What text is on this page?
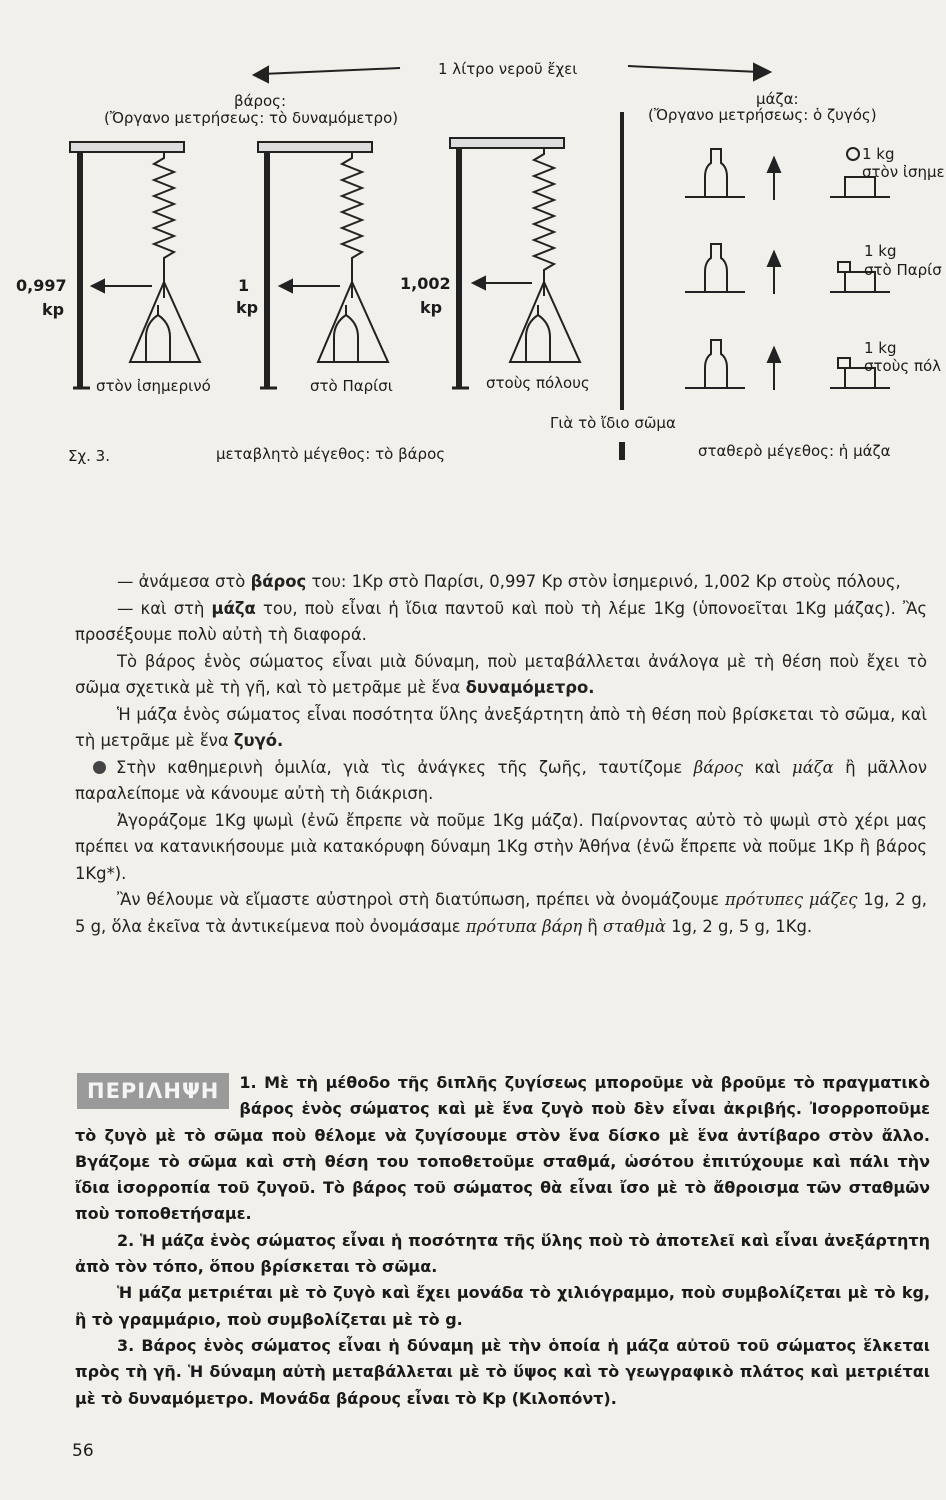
1 λίτρο νεροῦ ἔχει
βάρος:
(Ὄργανο μετρήσεως: τὸ δυναμόμετρο)
μάζα:
(Ὄργανο μετρήσεως: ὁ ζυγός)
0,997
kp
1
kp
1,002
kp
στὸν ἰσημερινό	στὸ Παρίσι	στοὺς πόλους
1 kg
στὸν ἰσημε
1 kg
στὸ Παρίσ
1 kg
στοὺς πόλ
Γιὰ τὸ ἴδιο σῶμα
Σχ. 3.	μεταβλητὸ μέγεθος: τὸ βάρος	σταθερὸ μέγεθος: ἡ μάζα

— ἀνάμεσα στὸ βάρος του: 1Kp στὸ Παρίσι, 0,997 Kp στὸν ἰσημερινό, 1,002 Kp στοὺς πόλους,

— καὶ στὴ μάζα του, ποὺ εἶναι ἡ ἴδια παντοῦ καὶ ποὺ τὴ λέμε 1Kg (ὑπονοεῖται 1Kg μάζας). Ἂς προσέξουμε πολὺ αὐτὴ τὴ διαφορά.

Τὸ βάρος ἑνὸς σώματος εἶναι μιὰ δύναμη, ποὺ μεταβάλλεται ἀνάλογα μὲ τὴ θέση ποὺ ἔχει τὸ σῶμα σχετικὰ μὲ τὴ γῆ, καὶ τὸ μετρᾶμε μὲ ἕνα δυναμόμετρο.

Ἡ μάζα ἑνὸς σώματος εἶναι ποσότητα ὕλης ἀνεξάρτητη ἀπὸ τὴ θέση ποὺ βρίσκεται τὸ σῶμα, καὶ τὴ μετρᾶμε μὲ ἕνα ζυγό.

Στὴν καθημερινὴ ὁμιλία, γιὰ τὶς ἀνάγκες τῆς ζωῆς, ταυτίζομε βάρος καὶ μάζα ἢ μᾶλλον παραλείπομε νὰ κάνουμε αὐτὴ τὴ διάκριση.

Ἀγοράζομε 1Kg ψωμὶ (ἐνῶ ἔπρεπε νὰ ποῦμε 1Kg μάζα). Παίρνοντας αὐτὸ τὸ ψωμὶ στὸ χέρι μας πρέπει να κατανικήσουμε μιὰ κατακόρυφη δύναμη 1Kg στὴν Ἀθήνα (ἐνῶ ἔπρεπε νὰ ποῦμε 1Kp ἢ βάρος 1Kg*).

Ἂν θέλουμε νὰ εἴμαστε αὐστηροὶ στὴ διατύπωση, πρέπει νὰ ὀνομάζουμε πρότυπες μάζες 1g, 2 g, 5 g, ὅλα ἐκεῖνα τὰ ἀντικείμενα ποὺ ὀνομάσαμε πρότυπα βάρη ἢ σταθμὰ 1g, 2 g, 5 g, 1Kg.

ΠΕΡΙΛΗΨΗ	1. Μὲ τὴ μέθοδο τῆς διπλῆς ζυγίσεως μποροῦμε νὰ βροῦμε τὸ πραγματικὸ βάρος ἑνὸς σώματος καὶ μὲ ἕνα ζυγὸ ποὺ δὲν εἶναι ἀκριβής. Ἰσορροποῦμε τὸ ζυγὸ μὲ τὸ σῶμα ποὺ θέλομε νὰ ζυγίσουμε στὸν ἕνα δίσκο μὲ ἕνα ἀντίβαρο στὸν ἄλλο. Βγάζομε τὸ σῶμα καὶ στὴ θέση του τοποθετοῦμε σταθμά, ὡσότου ἐπιτύχουμε καὶ πάλι τὴν ἴδια ἰσορροπία τοῦ ζυγοῦ. Τὸ βάρος τοῦ σώματος θὰ εἶναι ἴσο μὲ τὸ ἄθροισμα τῶν σταθμῶν ποὺ τοποθετήσαμε.

2. Ἡ μάζα ἑνὸς σώματος εἶναι ἡ ποσότητα τῆς ὕλης ποὺ τὸ ἀποτελεῖ καὶ εἶναι ἀνεξάρτητη ἀπὸ τὸν τόπο, ὅπου βρίσκεται τὸ σῶμα.

Ἡ μάζα μετριέται μὲ τὸ ζυγὸ καὶ ἔχει μονάδα τὸ χιλιόγραμμο, ποὺ συμβολίζεται μὲ τὸ kg, ἢ τὸ γραμμάριο, ποὺ συμβολίζεται μὲ τὸ g.

3. Βάρος ἑνὸς σώματος εἶναι ἡ δύναμη μὲ τὴν ὁποία ἡ μάζα αὐτοῦ τοῦ σώματος ἕλκεται πρὸς τὴ γῆ. Ἡ δύναμη αὐτὴ μεταβάλλεται μὲ τὸ ὕψος καὶ τὸ γεωγραφικὸ πλάτος καὶ μετριέται μὲ τὸ δυναμόμετρο. Μονάδα βάρους εἶναι τὸ Kp (Κιλοπόντ).

56
